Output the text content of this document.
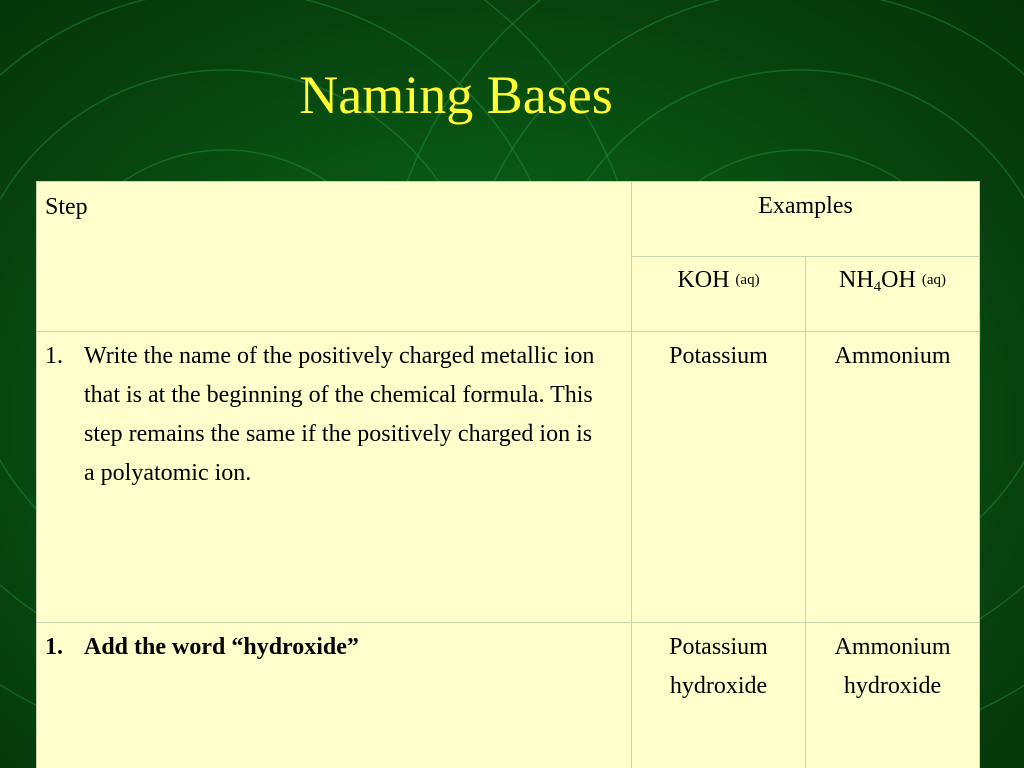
Naming Bases
Step	Examples	
	KOH (aq)	$NH_4OH$ (aq)

1. Write the name of the positively charged metallic ion that is at the beginning of the chemical formula. This step remains the same if the positively charged ion is a polyatomic ion.	Potassium	Ammonium

1. Add the word “hydroxide”	Potassium hydroxide	Ammonium hydroxide
